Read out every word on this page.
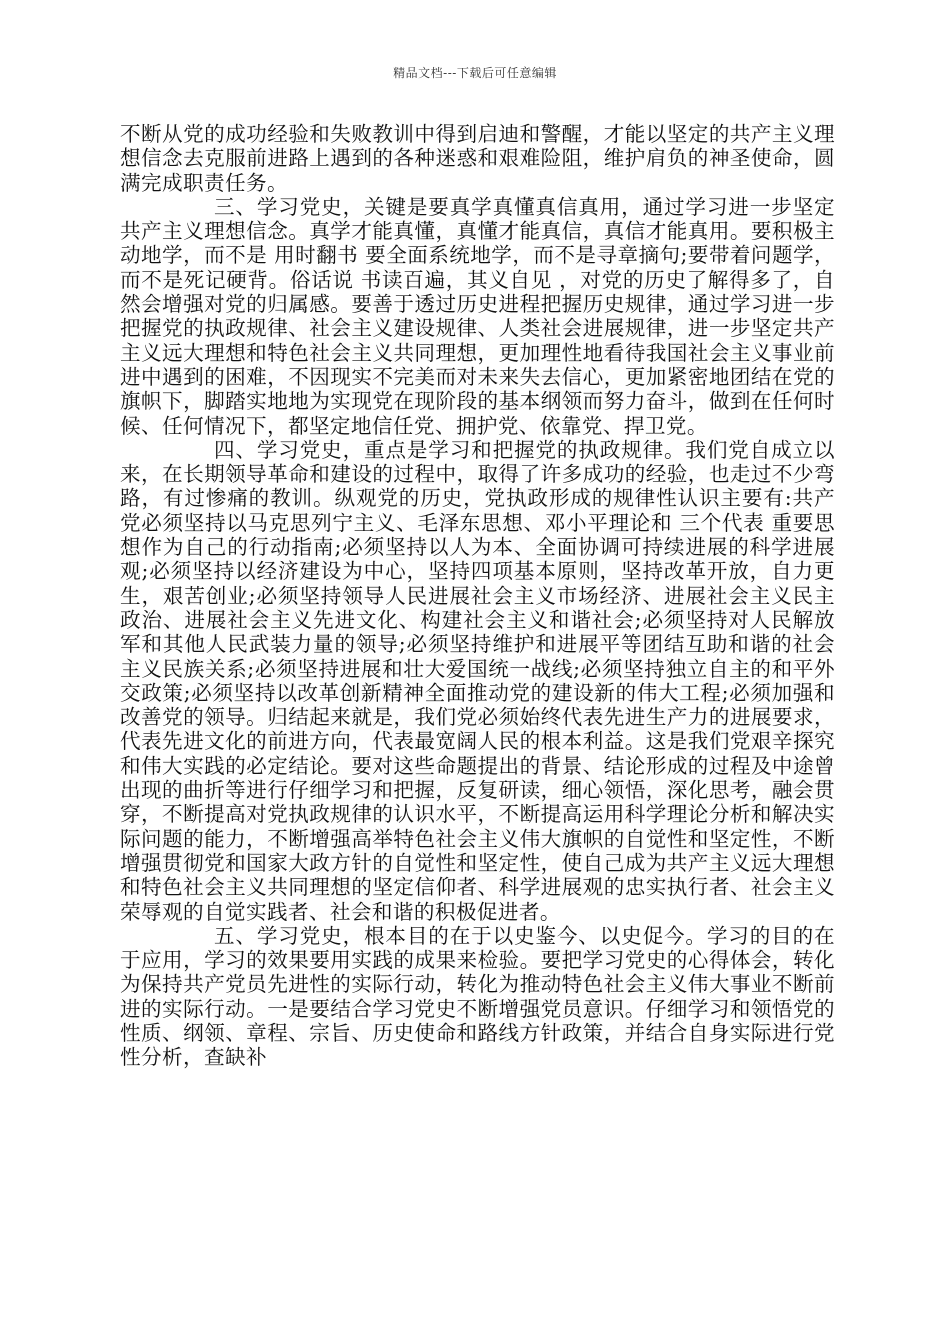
精品文档---下载后可任意编辑

不断从党的成功经验和失败教训中得到启迪和警醒，才能以坚定的共产主义理想信念去克服前进路上遇到的各种迷惑和艰难险阻，维护肩负的神圣使命，圆满完成职责任务。

三、学习党史，关键是要真学真懂真信真用，通过学习进一步坚定共产主义理想信念。真学才能真懂，真懂才能真信，真信才能真用。要积极主动地学，而不是 用时翻书 要全面系统地学，而不是寻章摘句;要带着问题学，而不是死记硬背。俗话说 书读百遍，其义自见 ，对党的历史了解得多了，自然会增强对党的归属感。要善于透过历史进程把握历史规律，通过学习进一步把握党的执政规律、社会主义建设规律、人类社会进展规律，进一步坚定共产主义远大理想和特色社会主义共同理想，更加理性地看待我国社会主义事业前进中遇到的困难，不因现实不完美而对未来失去信心，更加紧密地团结在党的旗帜下，脚踏实地地为实现党在现阶段的基本纲领而努力奋斗，做到在任何时候、任何情况下，都坚定地信任党、拥护党、依靠党、捍卫党。

四、学习党史，重点是学习和把握党的执政规律。我们党自成立以来，在长期领导革命和建设的过程中，取得了许多成功的经验，也走过不少弯路，有过惨痛的教训。纵观党的历史，党执政形成的规律性认识主要有:共产党必须坚持以马克思列宁主义、毛泽东思想、邓小平理论和 三个代表 重要思想作为自己的行动指南;必须坚持以人为本、全面协调可持续进展的科学进展观;必须坚持以经济建设为中心，坚持四项基本原则，坚持改革开放，自力更生，艰苦创业;必须坚持领导人民进展社会主义市场经济、进展社会主义民主政治、进展社会主义先进文化、构建社会主义和谐社会;必须坚持对人民解放军和其他人民武装力量的领导;必须坚持维护和进展平等团结互助和谐的社会主义民族关系;必须坚持进展和壮大爱国统一战线;必须坚持独立自主的和平外交政策;必须坚持以改革创新精神全面推动党的建设新的伟大工程;必须加强和改善党的领导。归结起来就是，我们党必须始终代表先进生产力的进展要求，代表先进文化的前进方向，代表最宽阔人民的根本利益。这是我们党艰辛探究和伟大实践的必定结论。要对这些命题提出的背景、结论形成的过程及中途曾出现的曲折等进行仔细学习和把握，反复研读，细心领悟，深化思考，融会贯穿，不断提高对党执政规律的认识水平，不断提高运用科学理论分析和解决实际问题的能力，不断增强高举特色社会主义伟大旗帜的自觉性和坚定性，不断增强贯彻党和国家大政方针的自觉性和坚定性，使自己成为共产主义远大理想和特色社会主义共同理想的坚定信仰者、科学进展观的忠实执行者、社会主义荣辱观的自觉实践者、社会和谐的积极促进者。

五、学习党史，根本目的在于以史鉴今、以史促今。学习的目的在于应用，学习的效果要用实践的成果来检验。要把学习党史的心得体会，转化为保持共产党员先进性的实际行动，转化为推动特色社会主义伟大事业不断前进的实际行动。一是要结合学习党史不断增强党员意识。仔细学习和领悟党的性质、纲领、章程、宗旨、历史使命和路线方针政策，并结合自身实际进行党性分析，查缺补
